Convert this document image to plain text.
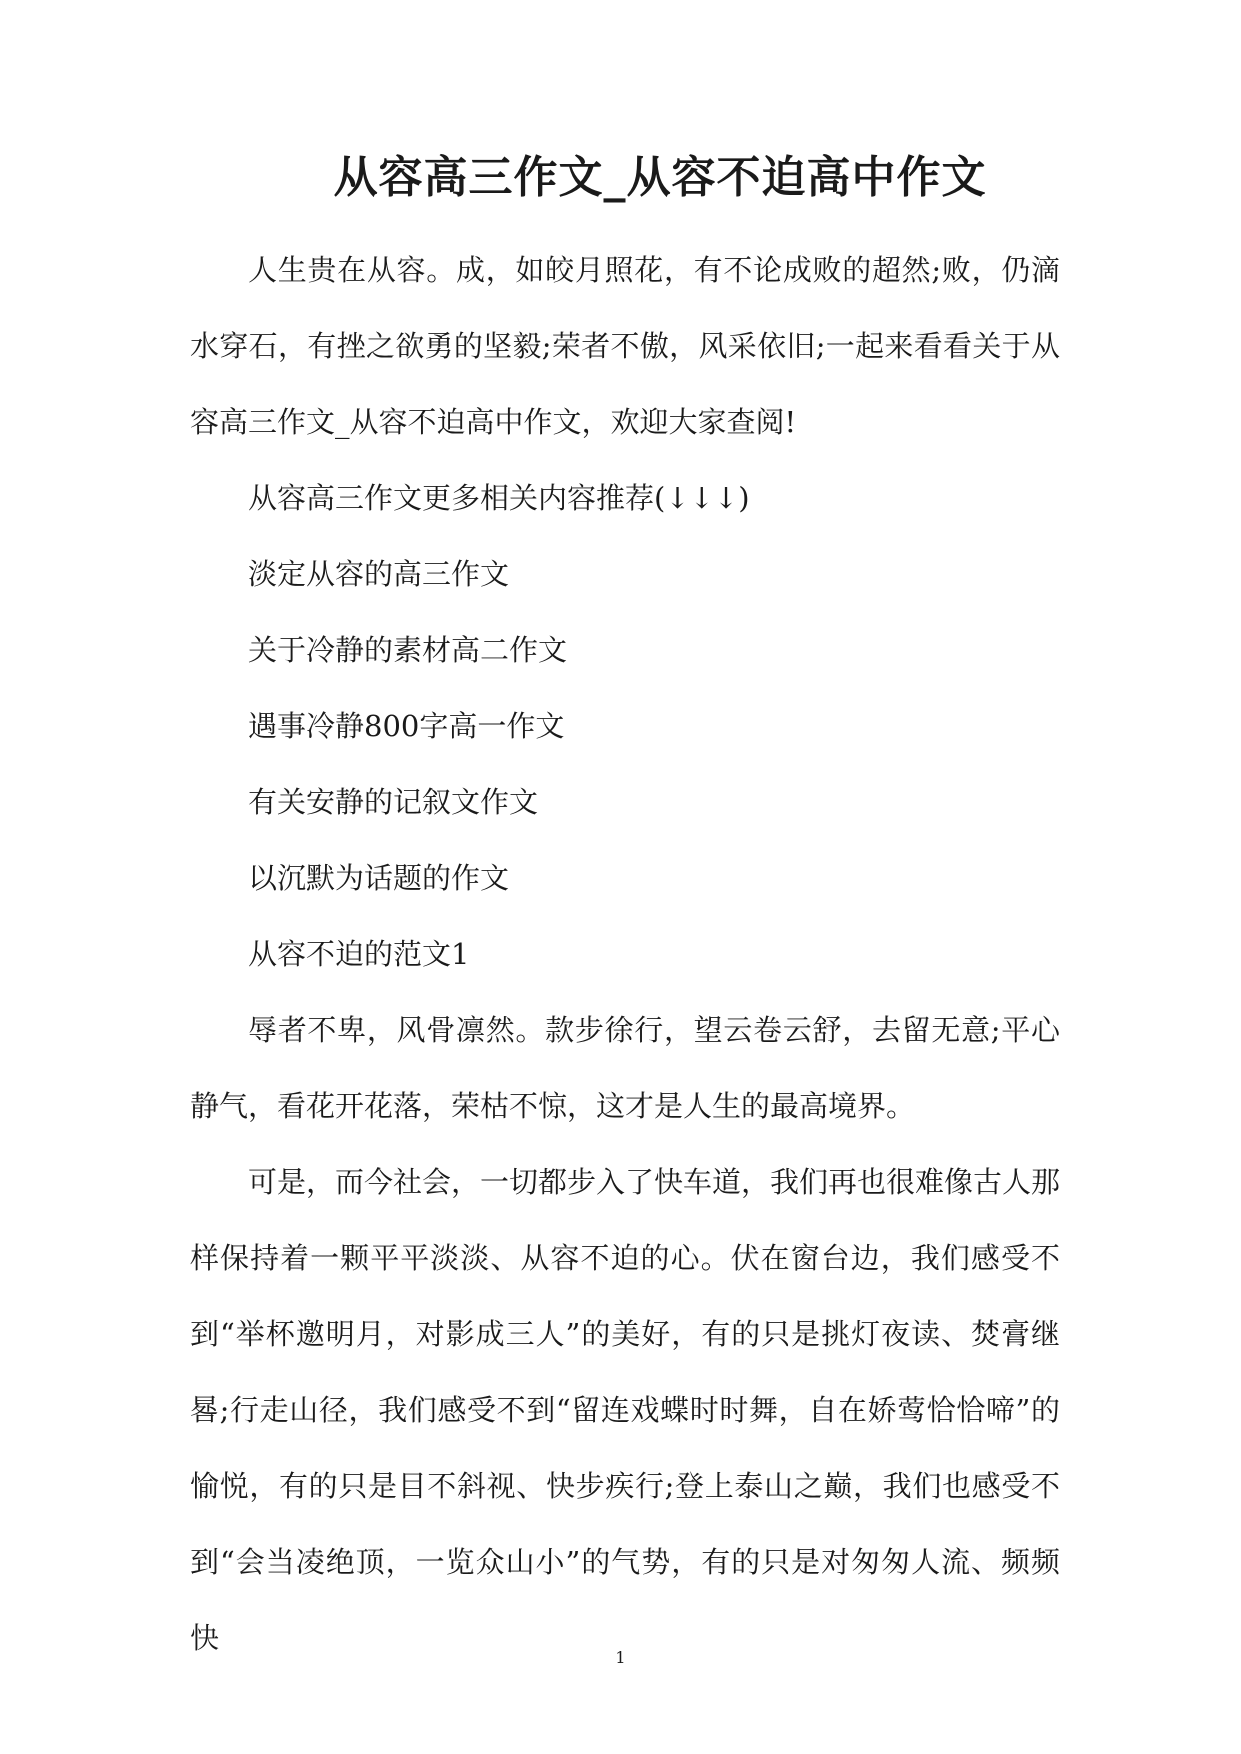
从容高三作文_从容不迫高中作文

人生贵在从容。成，如皎月照花，有不论成败的超然;败，仍滴水穿石，有挫之欲勇的坚毅;荣者不傲，风采依旧;一起来看看关于从容高三作文_从容不迫高中作文，欢迎大家查阅!

从容高三作文更多相关内容推荐(↓↓↓)

淡定从容的高三作文

关于冷静的素材高二作文

遇事冷静800字高一作文

有关安静的记叙文作文

以沉默为话题的作文

从容不迫的范文1

辱者不卑，风骨凛然。款步徐行，望云卷云舒，去留无意;平心静气，看花开花落，荣枯不惊，这才是人生的最高境界。

可是，而今社会，一切都步入了快车道，我们再也很难像古人那样保持着一颗平平淡淡、从容不迫的心。伏在窗台边，我们感受不到“举杯邀明月，对影成三人”的美好，有的只是挑灯夜读、焚膏继晷;行走山径，我们感受不到“留连戏蝶时时舞，自在娇莺恰恰啼”的愉悦，有的只是目不斜视、快步疾行;登上泰山之巅，我们也感受不到“会当凌绝顶，一览众山小”的气势，有的只是对匆匆人流、频频快

1
